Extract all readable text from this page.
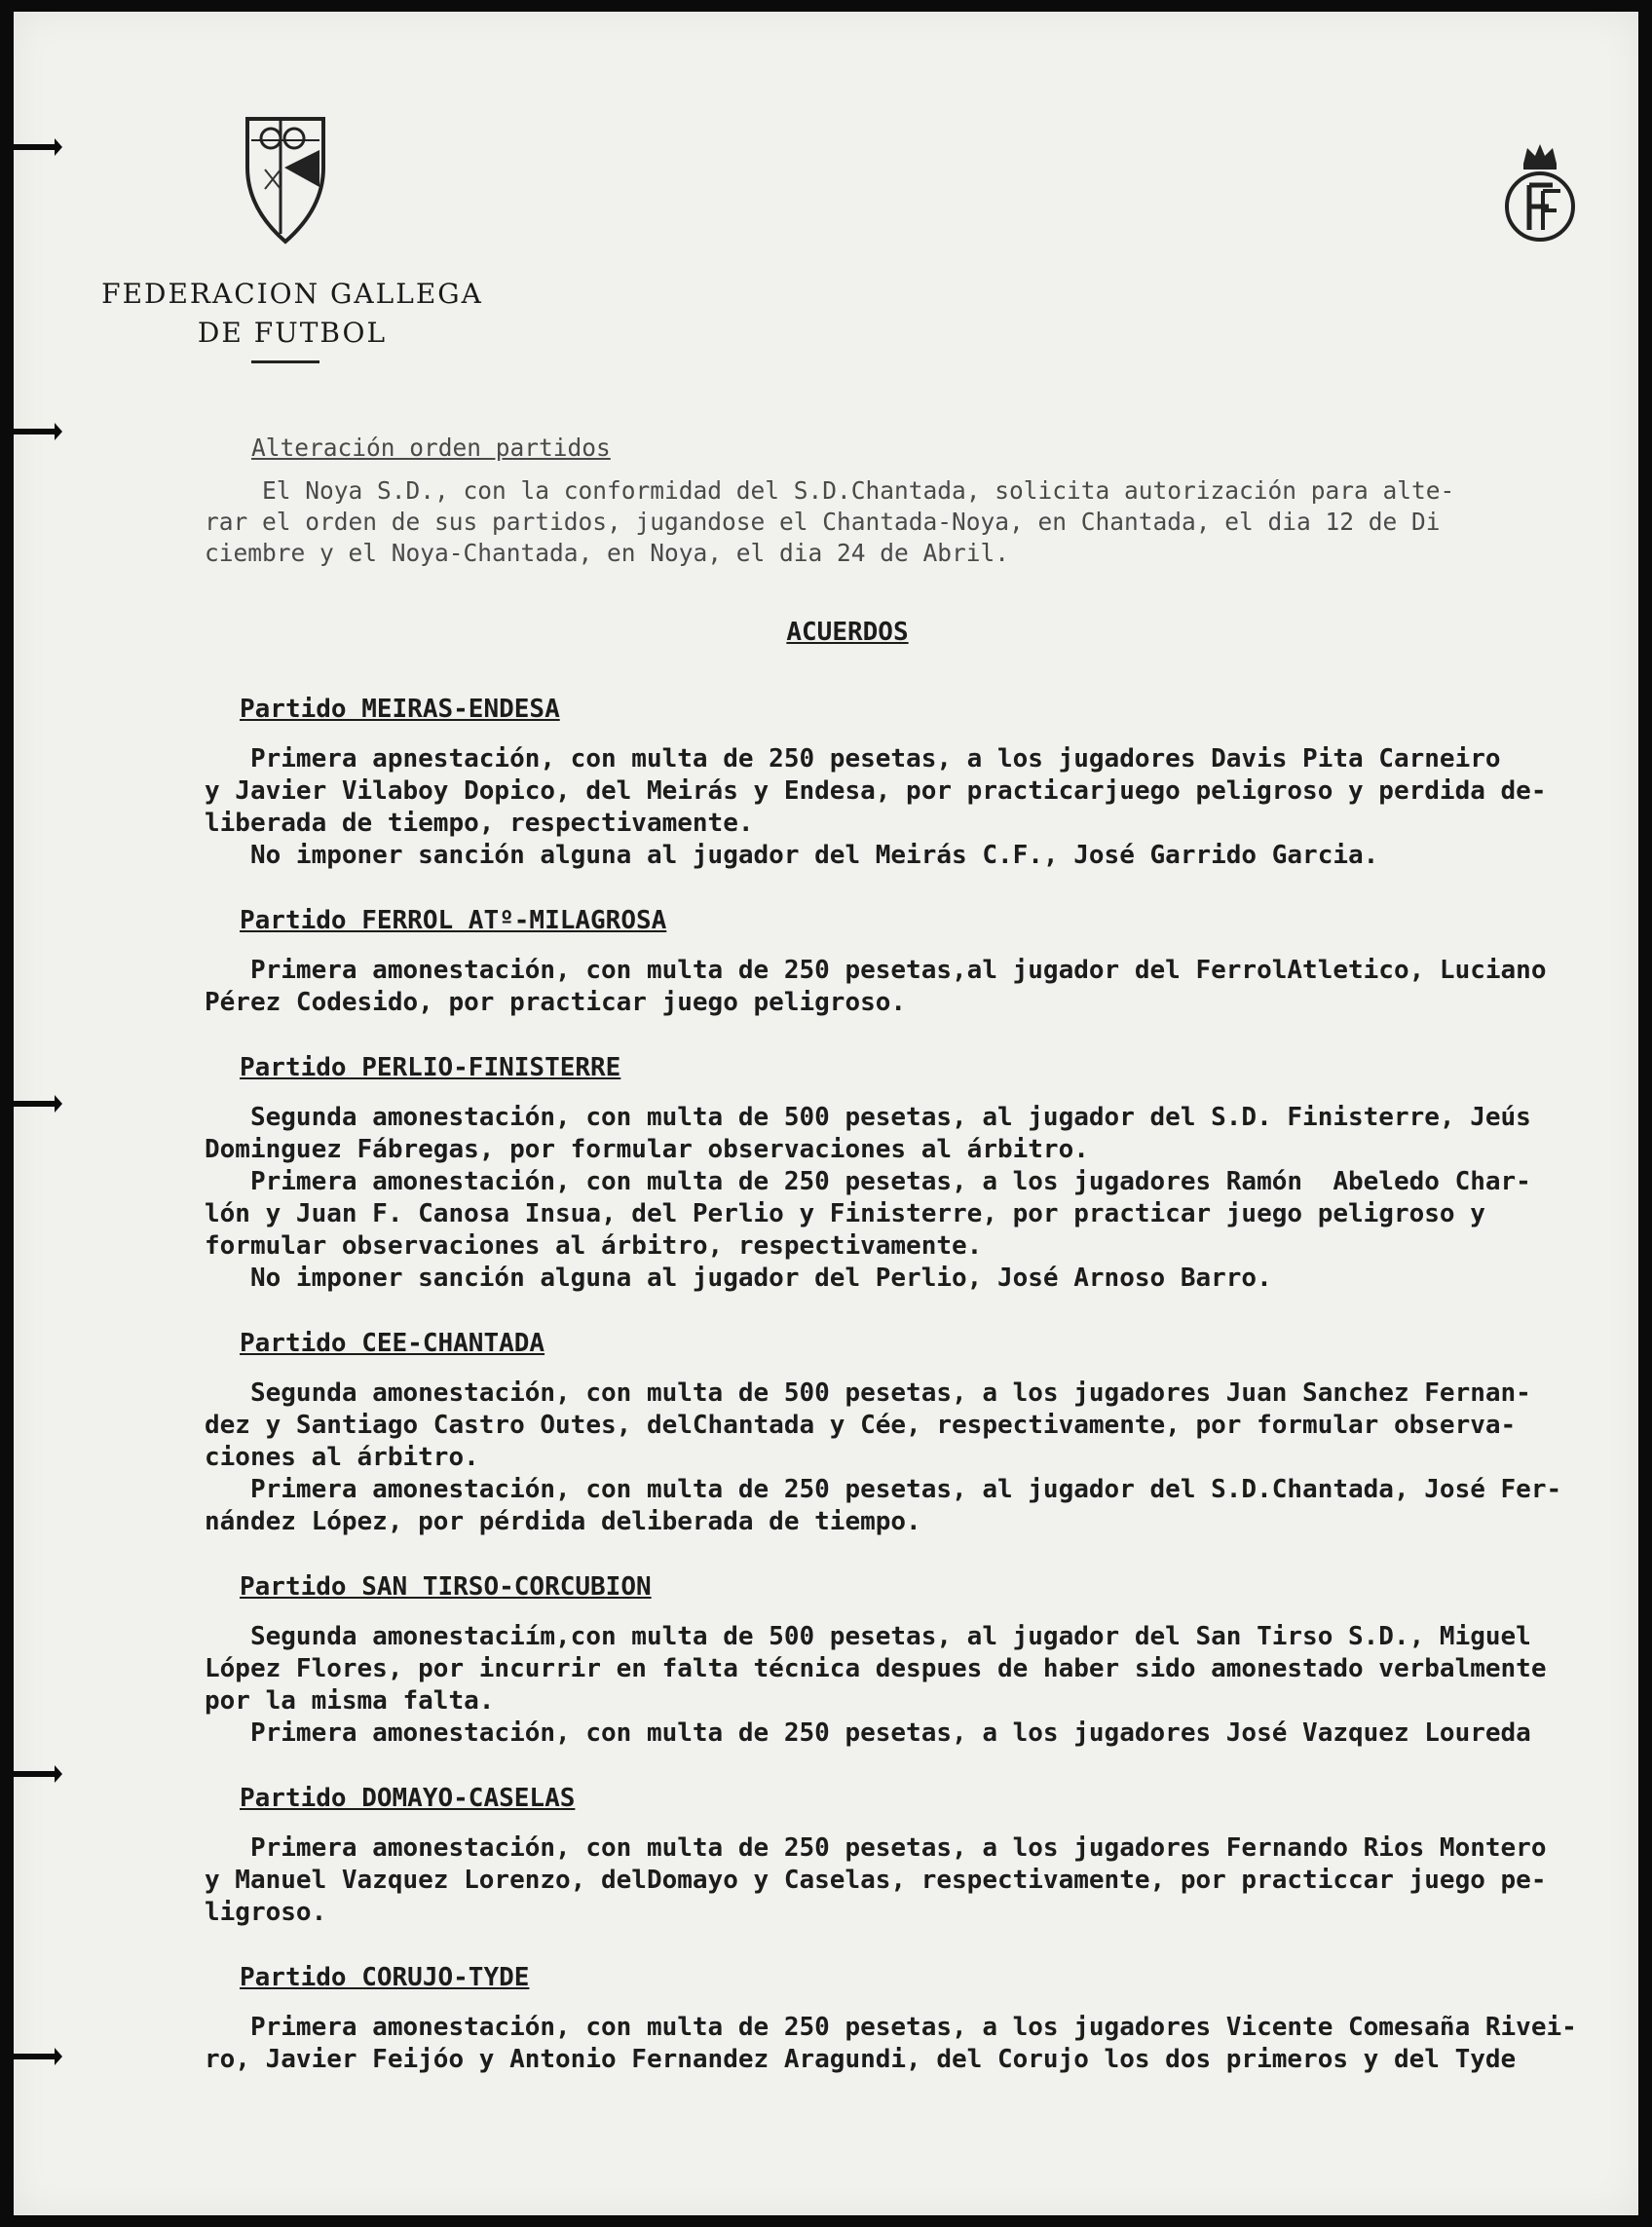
FEDERACION GALLEGA
DE FUTBOL
Alteración orden partidos
El Noya S.D., con la conformidad del S.D.Chantada, solicita autorización para alte-
rar el orden de sus partidos, jugandose el Chantada-Noya, en Chantada, el dia 12 de Di
ciembre y el Noya-Chantada, en Noya, el dia 24 de Abril.
ACUERDOS
Partido MEIRAS-ENDESA
Primera apnestación, con multa de 250 pesetas, a los jugadores Davis Pita Carneiro
y Javier Vilaboy Dopico, del Meirás y Endesa, por practicarjuego peligroso y perdida de-
liberada de tiempo, respectivamente.
No imponer sanción alguna al jugador del Meirás C.F., José Garrido Garcia.
Partido FERROL ATº-MILAGROSA
Primera amonestación, con multa de 250 pesetas,al jugador del FerrolAtletico, Luciano
Pérez Codesido, por practicar juego peligroso.
Partido PERLIO-FINISTERRE
Segunda amonestación, con multa de 500 pesetas, al jugador del S.D. Finisterre, Jeús
Dominguez Fábregas, por formular observaciones al árbitro.
Primera amonestación, con multa de 250 pesetas, a los jugadores Ramón  Abeledo Char-
lón y Juan F. Canosa Insua, del Perlio y Finisterre, por practicar juego peligroso y
formular observaciones al árbitro, respectivamente.
No imponer sanción alguna al jugador del Perlio, José Arnoso Barro.
Partido CEE-CHANTADA
Segunda amonestación, con multa de 500 pesetas, a los jugadores Juan Sanchez Fernan-
dez y Santiago Castro Outes, delChantada y Cée, respectivamente, por formular observa-
ciones al árbitro.
Primera amonestación, con multa de 250 pesetas, al jugador del S.D.Chantada, José Fer-
nández López, por pérdida deliberada de tiempo.
Partido SAN TIRSO-CORCUBION
Segunda amonestaciím,con multa de 500 pesetas, al jugador del San Tirso S.D., Miguel
López Flores, por incurrir en falta técnica despues de haber sido amonestado verbalmente
por la misma falta.
Primera amonestación, con multa de 250 pesetas, a los jugadores José Vazquez Loureda
Partido DOMAYO-CASELAS
Primera amonestación, con multa de 250 pesetas, a los jugadores Fernando Rios Montero
y Manuel Vazquez Lorenzo, delDomayo y Caselas, respectivamente, por practiccar juego pe-
ligroso.
Partido CORUJO-TYDE
Primera amonestación, con multa de 250 pesetas, a los jugadores Vicente Comesaña Rivei-
ro, Javier Feijóo y Antonio Fernandez Aragundi, del Corujo los dos primeros y del Tyde
